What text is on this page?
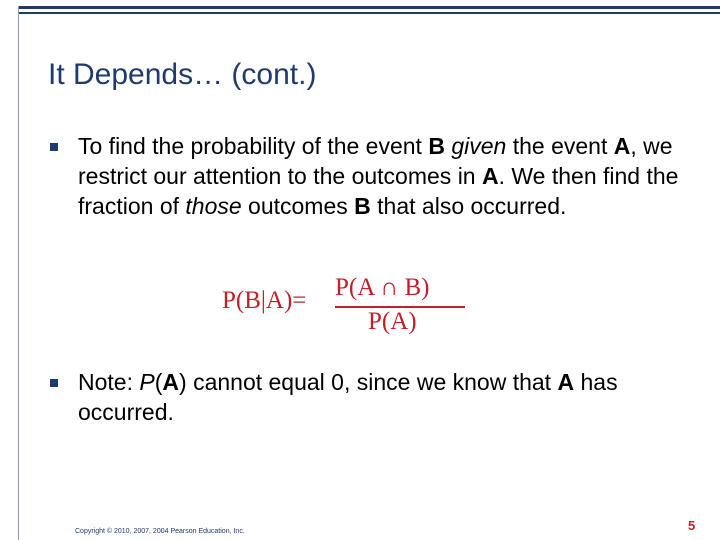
It Depends… (cont.)
To find the probability of the event B given the event A, we restrict our attention to the outcomes in A. We then find the fraction of those outcomes B that also occurred.
P(B|A)= P(A ∩ B)
P(A)
Note: P(A) cannot equal 0, since we know that A has occurred.
Copyright © 2010, 2007, 2004 Pearson Education, Inc.	5
